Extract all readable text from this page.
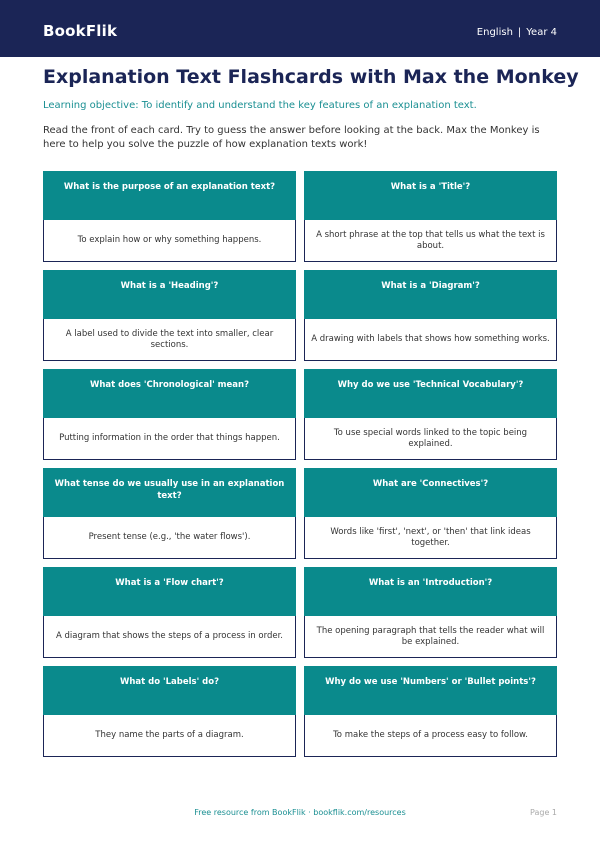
BookFlik	English | Year 4
Explanation Text Flashcards with Max the Monkey

Learning objective: To identify and understand the key features of an explanation text.

Read the front of each card. Try to guess the answer before looking at the back. Max the Monkey is here to help you solve the puzzle of how explanation texts work!

What is the purpose of an explanation text?
To explain how or why something happens.
What is a 'Title'?
A short phrase at the top that tells us what the text is about.
What is a 'Heading'?
A label used to divide the text into smaller, clear sections.
What is a 'Diagram'?
A drawing with labels that shows how something works.
What does 'Chronological' mean?
Putting information in the order that things happen.
Why do we use 'Technical Vocabulary'?
To use special words linked to the topic being explained.
What tense do we usually use in an explanation text?
Present tense (e.g., 'the water flows').
What are 'Connectives'?
Words like 'first', 'next', or 'then' that link ideas together.
What is a 'Flow chart'?
A diagram that shows the steps of a process in order.
What is an 'Introduction'?
The opening paragraph that tells the reader what will be explained.
What do 'Labels' do?
They name the parts of a diagram.
Why do we use 'Numbers' or 'Bullet points'?
To make the steps of a process easy to follow.
Free resource from BookFlik · bookflik.com/resources	Page 1
